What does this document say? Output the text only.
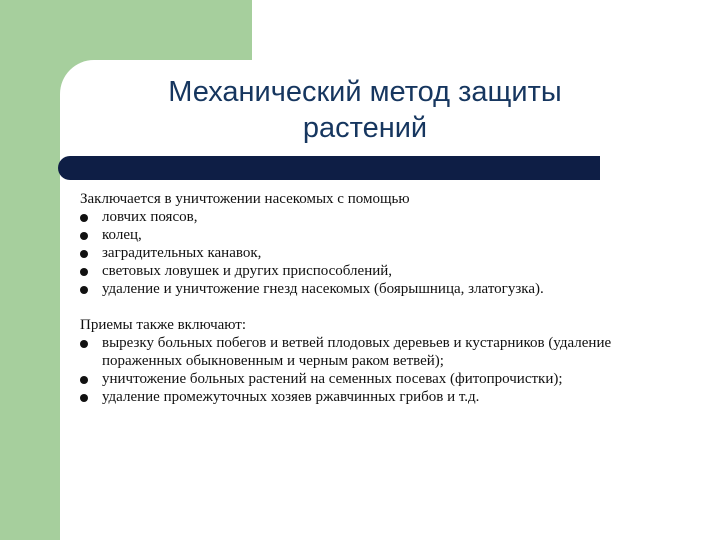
Механический метод защиты
растений

Заключается в уничтожении насекомых с помощью

ловчих поясов,
колец,
заградительных канавок,
световых ловушек и других приспособлений,
удаление и уничтожение гнезд насекомых (боярышница, златогузка).

Приемы также включают:

вырезку больных побегов и ветвей плодовых деревьев и кустарников (удаление пораженных обыкновенным и черным раком ветвей);
уничтожение больных растений на семенных посевах (фитопрочистки);
удаление промежуточных хозяев ржавчинных грибов и т.д.
